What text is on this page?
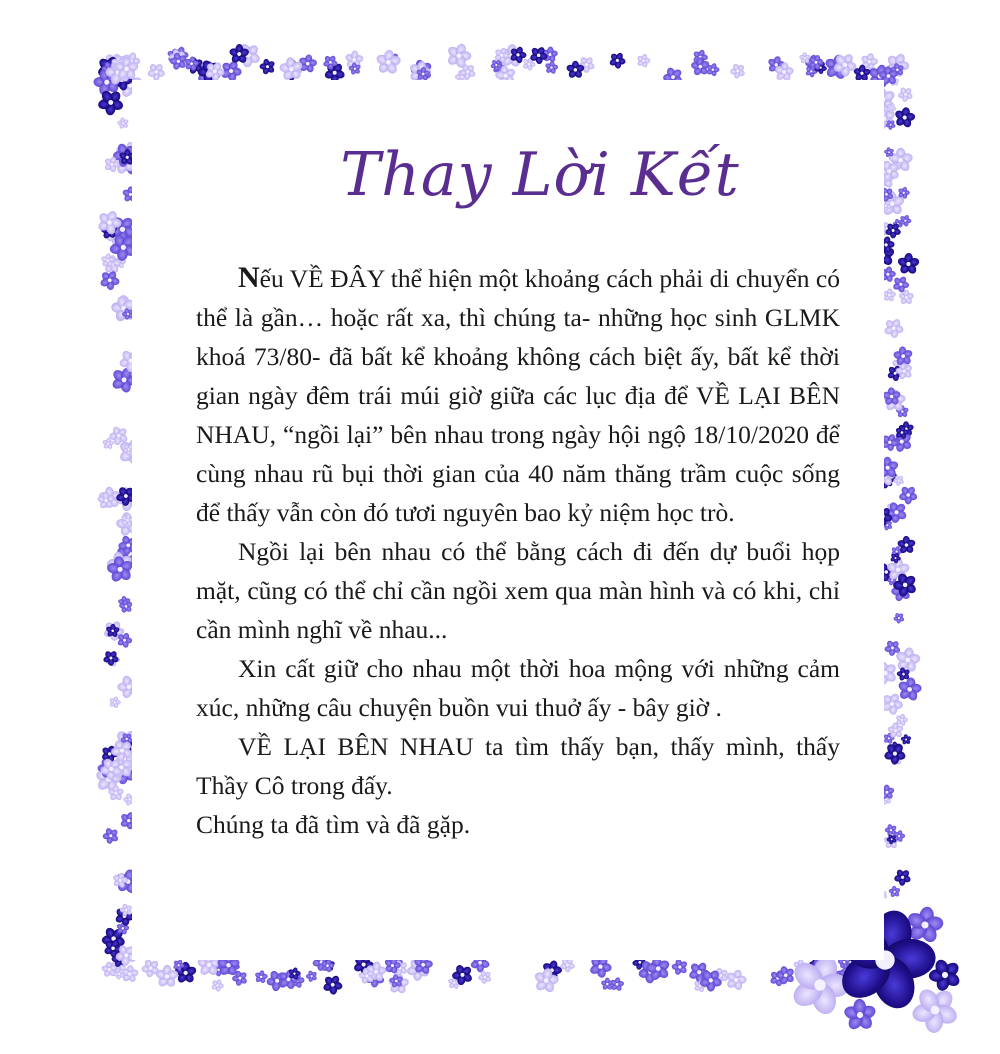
Thay Lời Kết

Nếu VỀ ĐÂY thể hiện một khoảng cách phải di chuyển có thể là gần… hoặc rất xa, thì chúng ta- những học sinh GLMK khoá 73/80- đã bất kể khoảng không cách biệt ấy, bất kể thời gian ngày đêm trái múi giờ giữa các lục địa để VỀ LẠI BÊN NHAU, “ngồi lại” bên nhau trong ngày hội ngộ 18/10/2020 để cùng nhau rũ bụi thời gian của 40 năm thăng trầm cuộc sống để thấy vẫn còn đó tươi nguyên bao kỷ niệm học trò.

Ngồi lại bên nhau có thể bằng cách đi đến dự buổi họp mặt, cũng có thể chỉ cần ngồi xem qua màn hình và có khi, chỉ cần mình nghĩ về nhau...

Xin cất giữ cho nhau một thời hoa mộng với những cảm xúc, những câu chuyện buồn vui thuở ấy - bây giờ .

VỀ LẠI BÊN NHAU ta tìm thấy bạn, thấy mình, thấy Thầy Cô trong đấy.

Chúng ta đã tìm và đã gặp.
